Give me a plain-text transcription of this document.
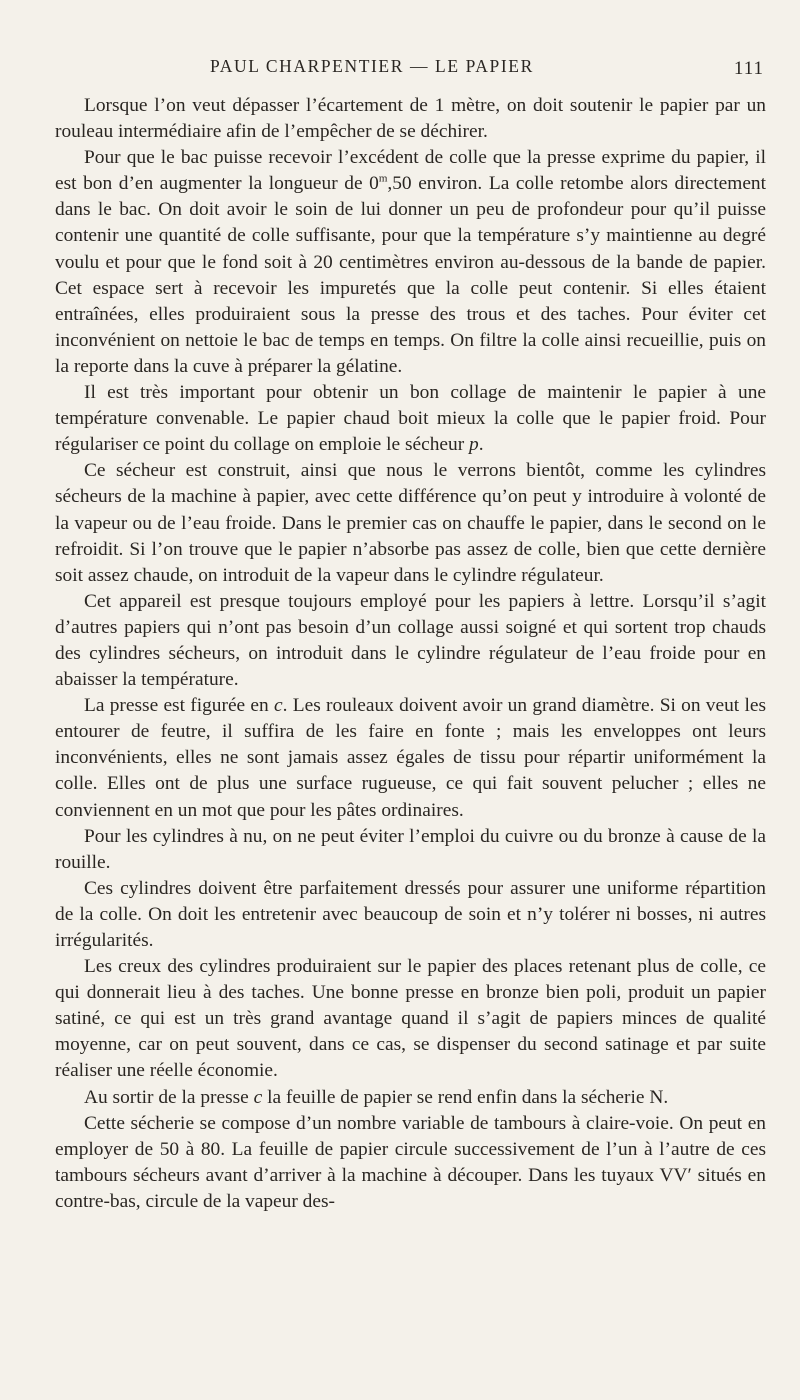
PAUL CHARPENTIER — LE PAPIER	111

Lorsque l’on veut dépasser l’écartement de 1 mètre, on doit soutenir le papier par un rouleau intermédiaire afin de l’empêcher de se déchirer.

Pour que le bac puisse recevoir l’excédent de colle que la presse exprime du papier, il est bon d’en augmenter la longueur de 0$^m$,50 environ. La colle retombe alors directement dans le bac. On doit avoir le soin de lui donner un peu de profondeur pour qu’il puisse contenir une quantité de colle suffisante, pour que la température s’y maintienne au degré voulu et pour que le fond soit à 20 centimètres environ au-dessous de la bande de papier. Cet espace sert à recevoir les impuretés que la colle peut contenir. Si elles étaient entraînées, elles produiraient sous la presse des trous et des taches. Pour éviter cet inconvénient on nettoie le bac de temps en temps. On filtre la colle ainsi recueillie, puis on la reporte dans la cuve à préparer la gélatine.

Il est très important pour obtenir un bon collage de maintenir le papier à une température convenable. Le papier chaud boit mieux la colle que le papier froid. Pour régulariser ce point du collage on emploie le sécheur p.

Ce sécheur est construit, ainsi que nous le verrons bientôt, comme les cylindres sécheurs de la machine à papier, avec cette différence qu’on peut y introduire à volonté de la vapeur ou de l’eau froide. Dans le premier cas on chauffe le papier, dans le second on le refroidit. Si l’on trouve que le papier n’absorbe pas assez de colle, bien que cette dernière soit assez chaude, on introduit de la vapeur dans le cylindre régulateur.

Cet appareil est presque toujours employé pour les papiers à lettre. Lorsqu’il s’agit d’autres papiers qui n’ont pas besoin d’un collage aussi soigné et qui sortent trop chauds des cylindres sécheurs, on introduit dans le cylindre régulateur de l’eau froide pour en abaisser la température.

La presse est figurée en c. Les rouleaux doivent avoir un grand diamètre. Si on veut les entourer de feutre, il suffira de les faire en fonte ; mais les enveloppes ont leurs inconvénients, elles ne sont jamais assez égales de tissu pour répartir uniformément la colle. Elles ont de plus une surface rugueuse, ce qui fait souvent pelucher ; elles ne conviennent en un mot que pour les pâtes ordinaires.

Pour les cylindres à nu, on ne peut éviter l’emploi du cuivre ou du bronze à cause de la rouille.

Ces cylindres doivent être parfaitement dressés pour assurer une uniforme répartition de la colle. On doit les entretenir avec beaucoup de soin et n’y tolérer ni bosses, ni autres irrégularités.

Les creux des cylindres produiraient sur le papier des places retenant plus de colle, ce qui donnerait lieu à des taches. Une bonne presse en bronze bien poli, produit un papier satiné, ce qui est un très grand avantage quand il s’agit de papiers minces de qualité moyenne, car on peut souvent, dans ce cas, se dispenser du second satinage et par suite réaliser une réelle économie.

Au sortir de la presse c la feuille de papier se rend enfin dans la sécherie N.

Cette sécherie se compose d’un nombre variable de tambours à claire-voie. On peut en employer de 50 à 80. La feuille de papier circule successivement de l’un à l’autre de ces tambours sécheurs avant d’arriver à la machine à découper. Dans les tuyaux VV′ situés en contre-bas, circule de la vapeur des-
